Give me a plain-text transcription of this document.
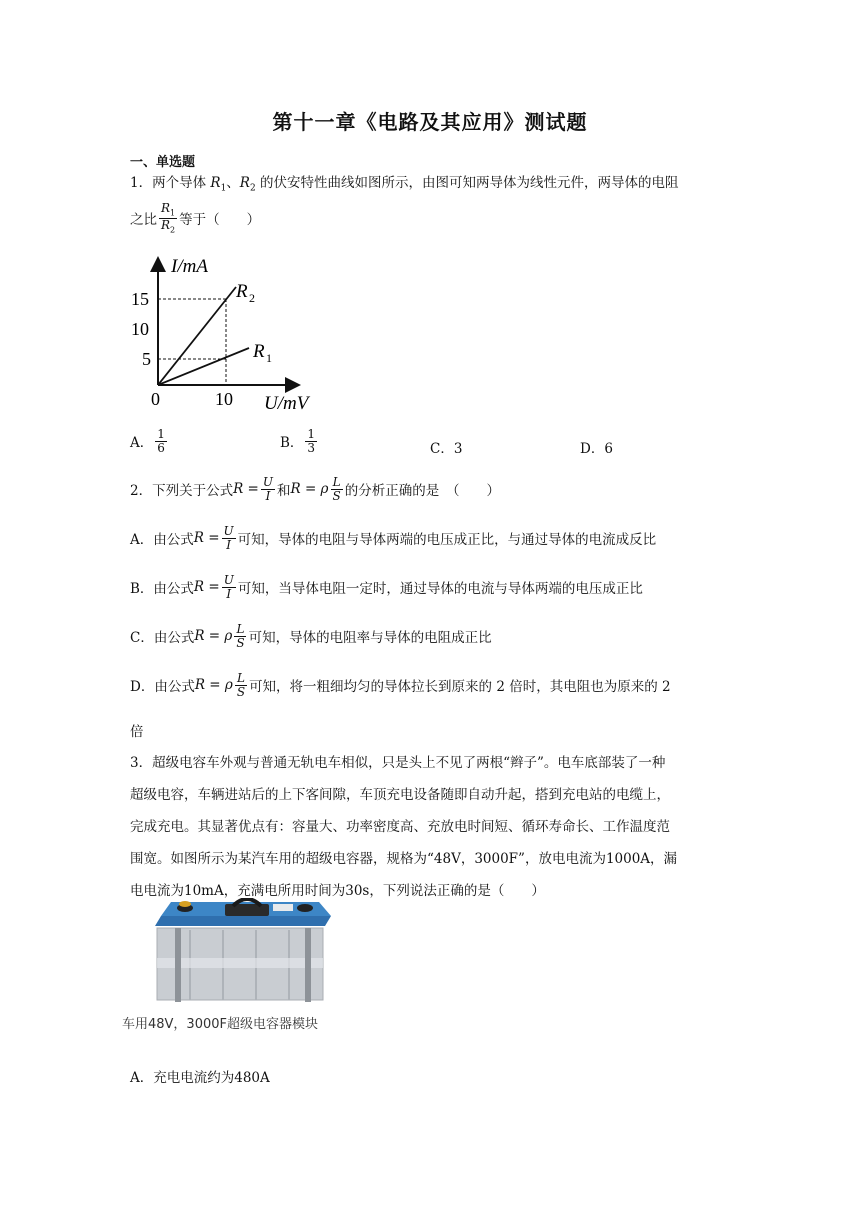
第十一章《电路及其应用》测试题
一、单选题
1．两个导体 $R_1$、$R_2$ 的伏安特性曲线如图所示，由图可知两导体为线性元件，两导体的电阻
之比 $\frac{R_1}{R_2}$ 等于（　　）
I/mA
U/mV
15
10
5
0	10
R 2
R 1
A． $\frac{1}{6}$	B． $\frac{1}{3}$	C．3	D．6
2．下列关于公式 $R = \frac{U}{I}$ 和 R = ρ $\frac{L}{S}$ 的分析正确的是　（　　）
A．由公式 $R = \frac{U}{I}$ 可知，导体的电阻与导体两端的电压成正比，与通过导体的电流成反比
B．由公式 $R = \frac{U}{I}$ 可知，当导体电阻一定时，通过导体的电流与导体两端的电压成正比
C．由公式 R = ρ $\frac{L}{S}$ 可知，导体的电阻率与导体的电阻成正比
D．由公式 R = ρ $\frac{L}{S}$ 可知，将一粗细均匀的导体拉长到原来的 2 倍时，其电阻也为原来的 2
倍
3．超级电容车外观与普通无轨电车相似，只是头上不见了两根“辫子”。电车底部装了一种
超级电容，车辆进站后的上下客间隙，车顶充电设备随即自动升起，搭到充电站的电缆上，
完成充电。其显著优点有：容量大、功率密度高、充放电时间短、循环寿命长、工作温度范
围宽。如图所示为某汽车用的超级电容器，规格为“48V，3000F”，放电电流为1000A，漏
电电流为10mA，充满电所用时间为30s，下列说法正确的是（　　）
车用48V，3000F超级电容器模块
A．充电电流约为480A
